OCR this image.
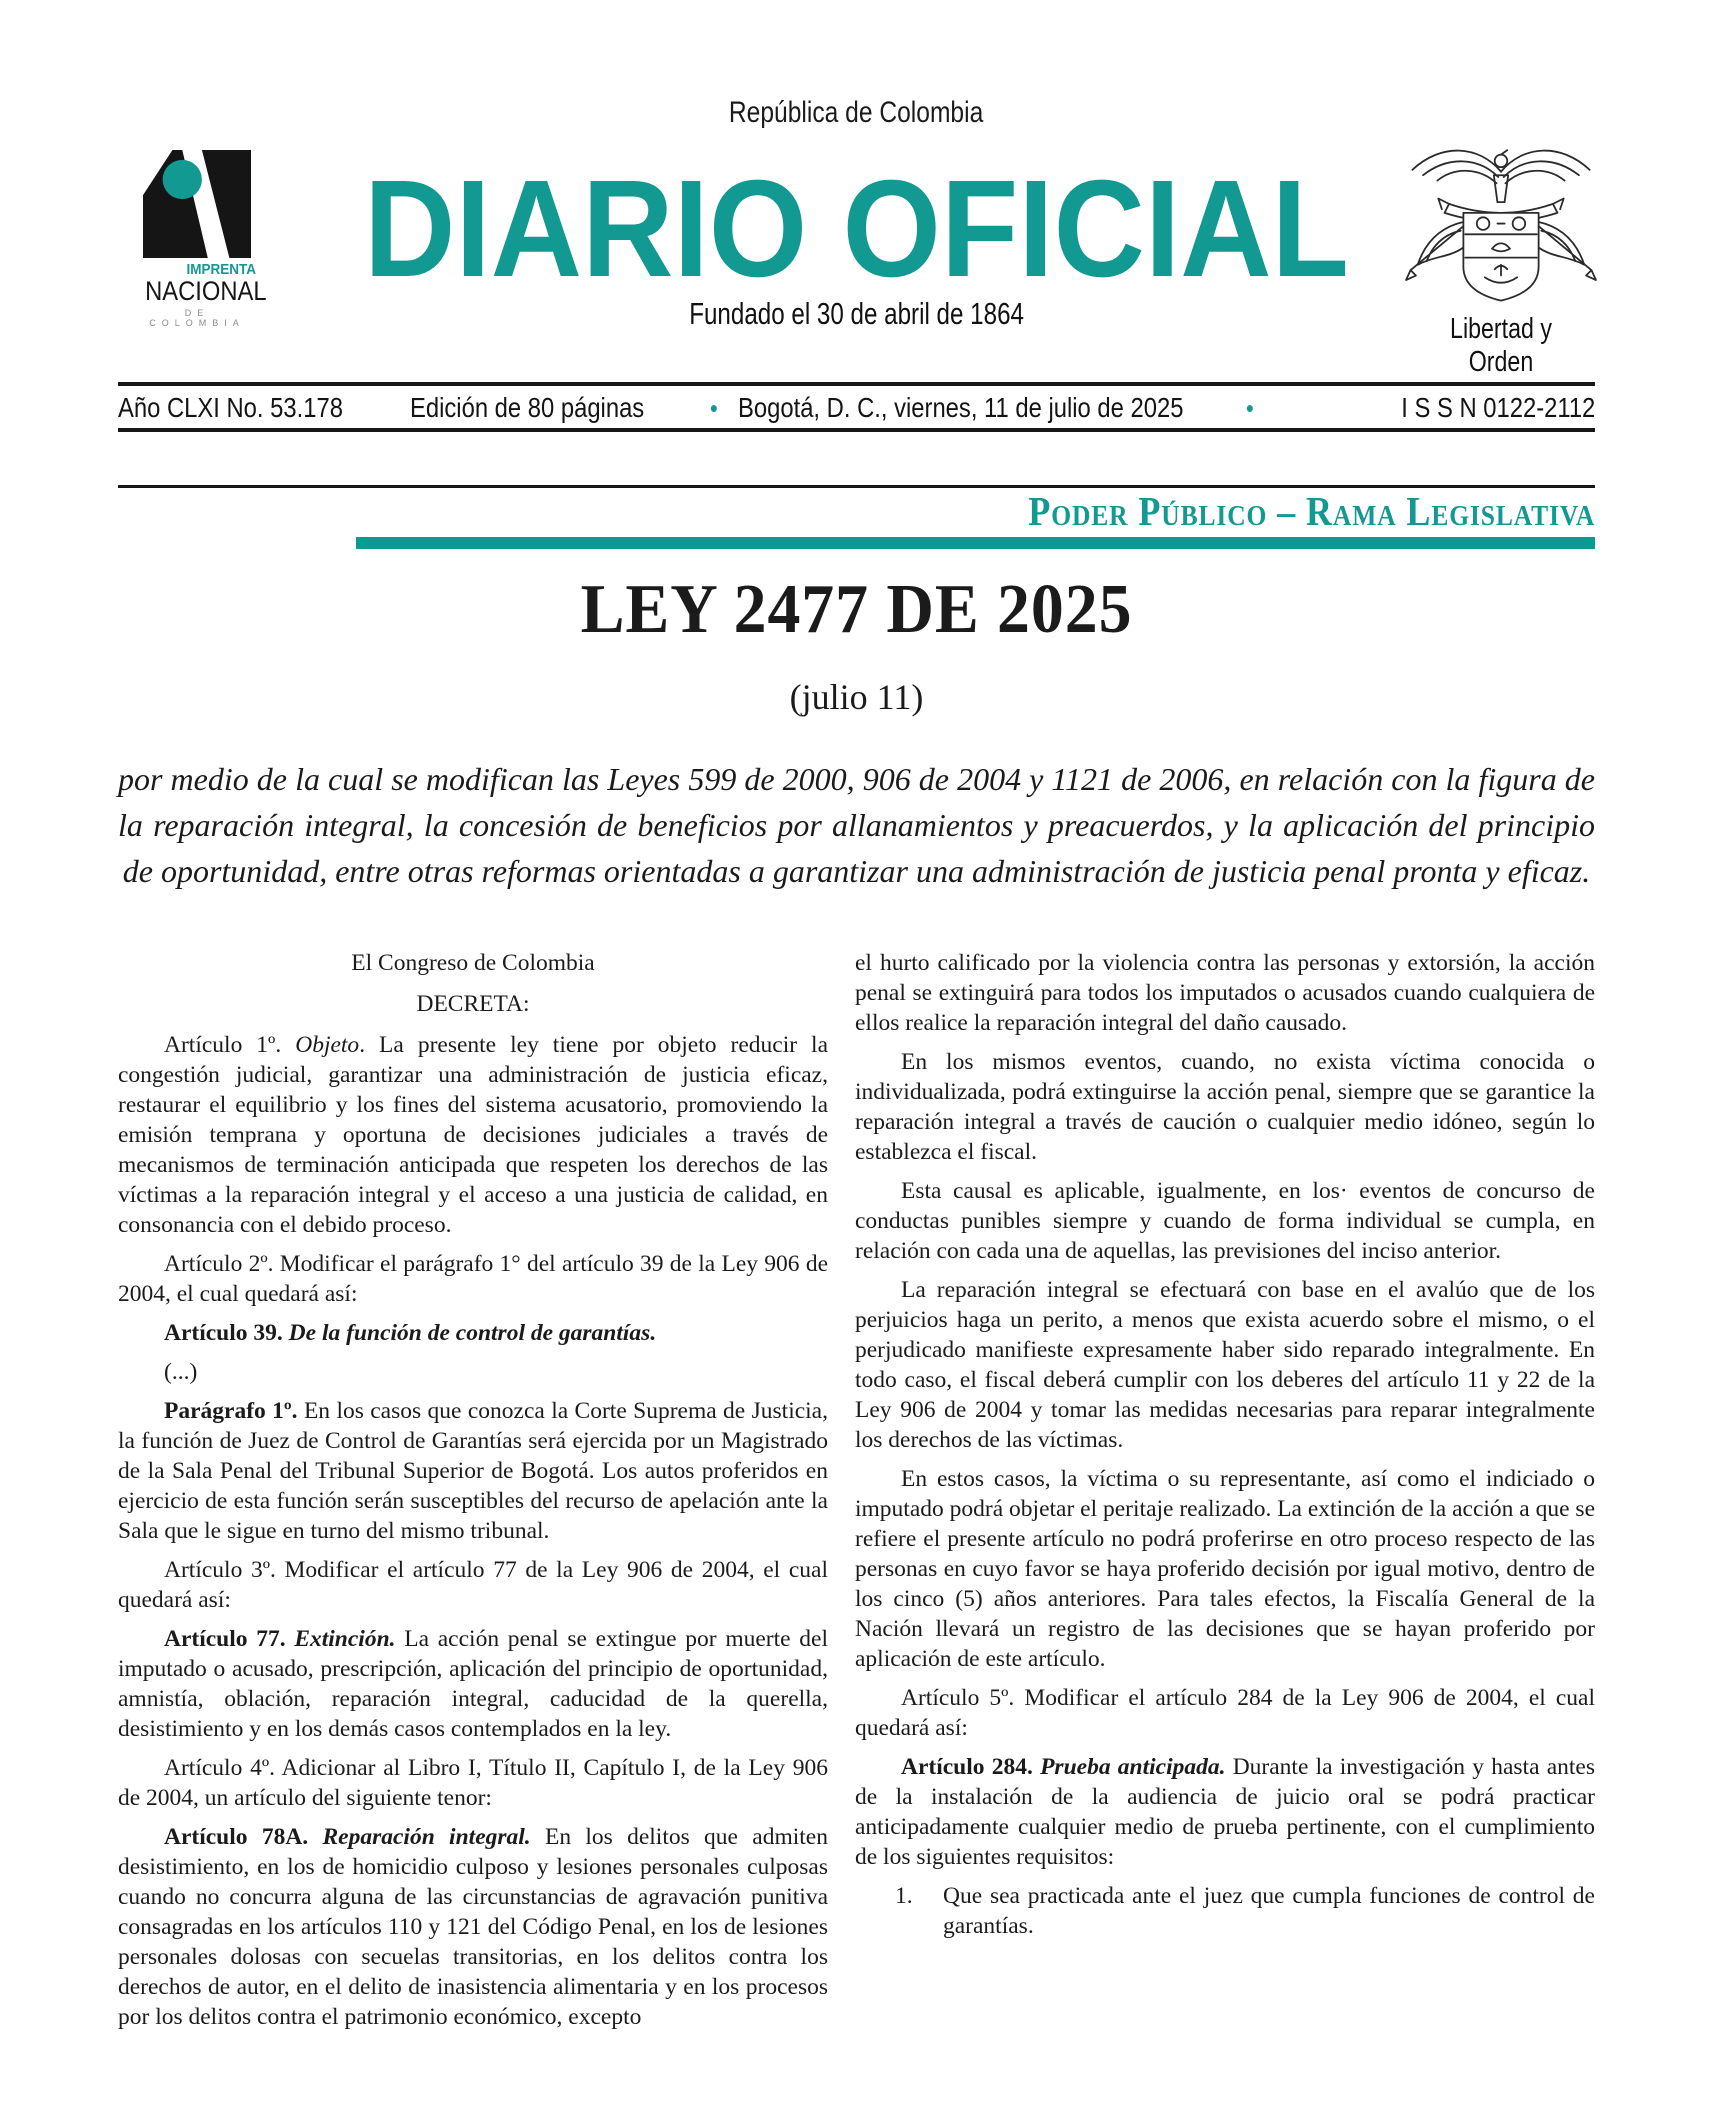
República de Colombia
IMPRENTA
NACIONAL
DE COLOMBIA
DIARIO OFICIAL
Fundado el 30 de abril de 1864	Libertad y Orden
Año CLXI No. 53.178 Edición de 80 páginas	• Bogotá, D. C., viernes, 11 de julio de 2025 •	I S S N 0122-2112
Poder Público – Rama Legislativa
LEY 2477 DE 2025
(julio 11)
por medio de la cual se modifican las Leyes 599 de 2000, 906 de 2004 y 1121 de 2006, en relación con la figura de la reparación integral, la concesión de beneficios por allanamientos y preacuerdos, y la aplicación del principio de oportunidad, entre otras reformas orientadas a garantizar una administración de justicia penal pronta y eficaz.

El Congreso de Colombia

DECRETA:

Artículo 1º. Objeto. La presente ley tiene por objeto reducir la congestión judicial, garantizar una administración de justicia eficaz, restaurar el equilibrio y los fines del sistema acusatorio, promoviendo la emisión temprana y oportuna de decisiones judiciales a través de mecanismos de terminación anticipada que respeten los derechos de las víctimas a la reparación integral y el acceso a una justicia de calidad, en consonancia con el debido proceso.

Artículo 2º. Modificar el parágrafo 1° del artículo 39 de la Ley 906 de 2004, el cual quedará así:

Artículo 39. De la función de control de garantías.

(...)

Parágrafo 1º. En los casos que conozca la Corte Suprema de Justicia, la función de Juez de Control de Garantías será ejercida por un Magistrado de la Sala Penal del Tribunal Superior de Bogotá. Los autos proferidos en ejercicio de esta función serán susceptibles del recurso de apelación ante la Sala que le sigue en turno del mismo tribunal.

Artículo 3º. Modificar el artículo 77 de la Ley 906 de 2004, el cual quedará así:

Artículo 77. Extinción. La acción penal se extingue por muerte del imputado o acusado, prescripción, aplicación del principio de oportunidad, amnistía, oblación, reparación integral, caducidad de la querella, desistimiento y en los demás casos contemplados en la ley.

Artículo 4º. Adicionar al Libro I, Título II, Capítulo I, de la Ley 906 de 2004, un artículo del siguiente tenor:

Artículo 78A. Reparación integral. En los delitos que admiten desistimiento, en los de homicidio culposo y lesiones personales culposas cuando no concurra alguna de las circunstancias de agravación punitiva consagradas en los artículos 110 y 121 del Código Penal, en los de lesiones personales dolosas con secuelas transitorias, en los delitos contra los derechos de autor, en el delito de inasistencia alimentaria y en los procesos por los delitos contra el patrimonio económico, excepto

el hurto calificado por la violencia contra las personas y extorsión, la acción penal se extinguirá para todos los imputados o acusados cuando cualquiera de ellos realice la reparación integral del daño causado.

En los mismos eventos, cuando, no exista víctima conocida o individualizada, podrá extinguirse la acción penal, siempre que se garantice la reparación integral a través de caución o cualquier medio idóneo, según lo establezca el fiscal.

Esta causal es aplicable, igualmente, en los· eventos de concurso de conductas punibles siempre y cuando de forma individual se cumpla, en relación con cada una de aquellas, las previsiones del inciso anterior.

La reparación integral se efectuará con base en el avalúo que de los perjuicios haga un perito, a menos que exista acuerdo sobre el mismo, o el perjudicado manifieste expresamente haber sido reparado integralmente. En todo caso, el fiscal deberá cumplir con los deberes del artículo 11 y 22 de la Ley 906 de 2004 y tomar las medidas necesarias para reparar integralmente los derechos de las víctimas.

En estos casos, la víctima o su representante, así como el indiciado o imputado podrá objetar el peritaje realizado. La extinción de la acción a que se refiere el presente artículo no podrá proferirse en otro proceso respecto de las personas en cuyo favor se haya proferido decisión por igual motivo, dentro de los cinco (5) años anteriores. Para tales efectos, la Fiscalía General de la Nación llevará un registro de las decisiones que se hayan proferido por aplicación de este artículo.

Artículo 5º. Modificar el artículo 284 de la Ley 906 de 2004, el cual quedará así:

Artículo 284. Prueba anticipada. Durante la investigación y hasta antes de la instalación de la audiencia de juicio oral se podrá practicar anticipadamente cualquier medio de prueba pertinente, con el cumplimiento de los siguientes requisitos:

1.	Que sea practicada ante el juez que cumpla funciones de control de garantías.
